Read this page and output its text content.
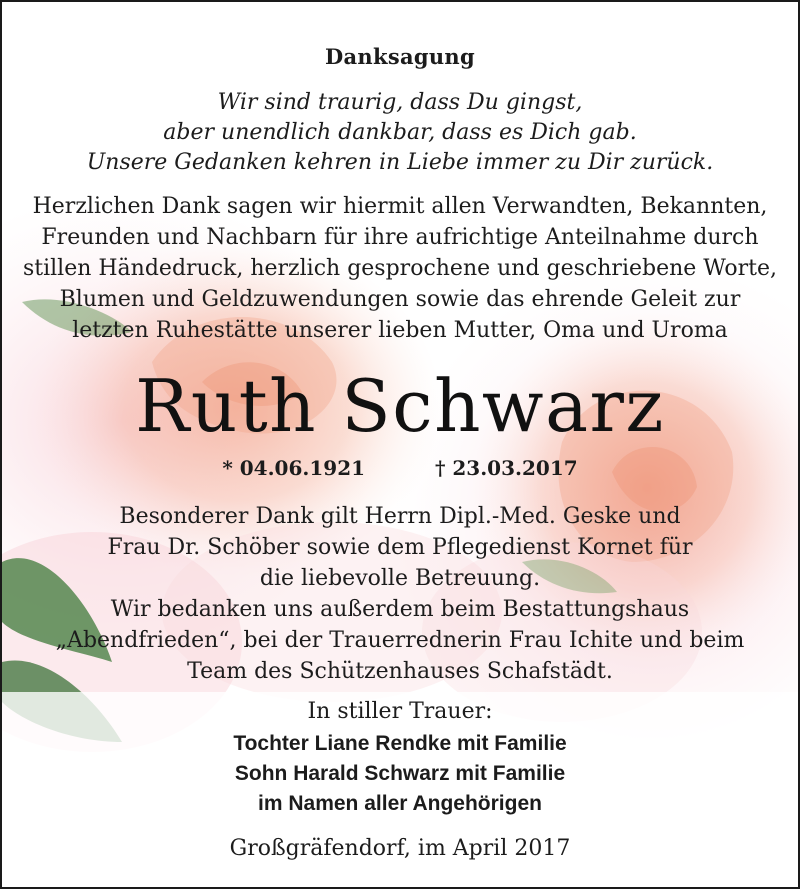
Danksagung
Wir sind traurig, dass Du gingst,
aber unendlich dankbar, dass es Dich gab.
Unsere Gedanken kehren in Liebe immer zu Dir zurück.
Herzlichen Dank sagen wir hiermit allen Verwandten, Bekannten,
Freunden und Nachbarn für ihre aufrichtige Anteilnahme durch
stillen Händedruck, herzlich gesprochene und geschriebene Worte,
Blumen und Geldzuwendungen sowie das ehrende Geleit zur
letzten Ruhestätte unserer lieben Mutter, Oma und Uroma
Ruth Schwarz
* 04.06.1921	† 23.03.2017
Besonderer Dank gilt Herrn Dipl.-Med. Geske und
Frau Dr. Schöber sowie dem Pflegedienst Kornet für
die liebevolle Betreuung.
Wir bedanken uns außerdem beim Bestattungshaus
„Abendfrieden“, bei der Trauerrednerin Frau Ichite und beim
Team des Schützenhauses Schafstädt.
In stiller Trauer:
Tochter Liane Rendke mit Familie
Sohn Harald Schwarz mit Familie
im Namen aller Angehörigen
Großgräfendorf, im April 2017
